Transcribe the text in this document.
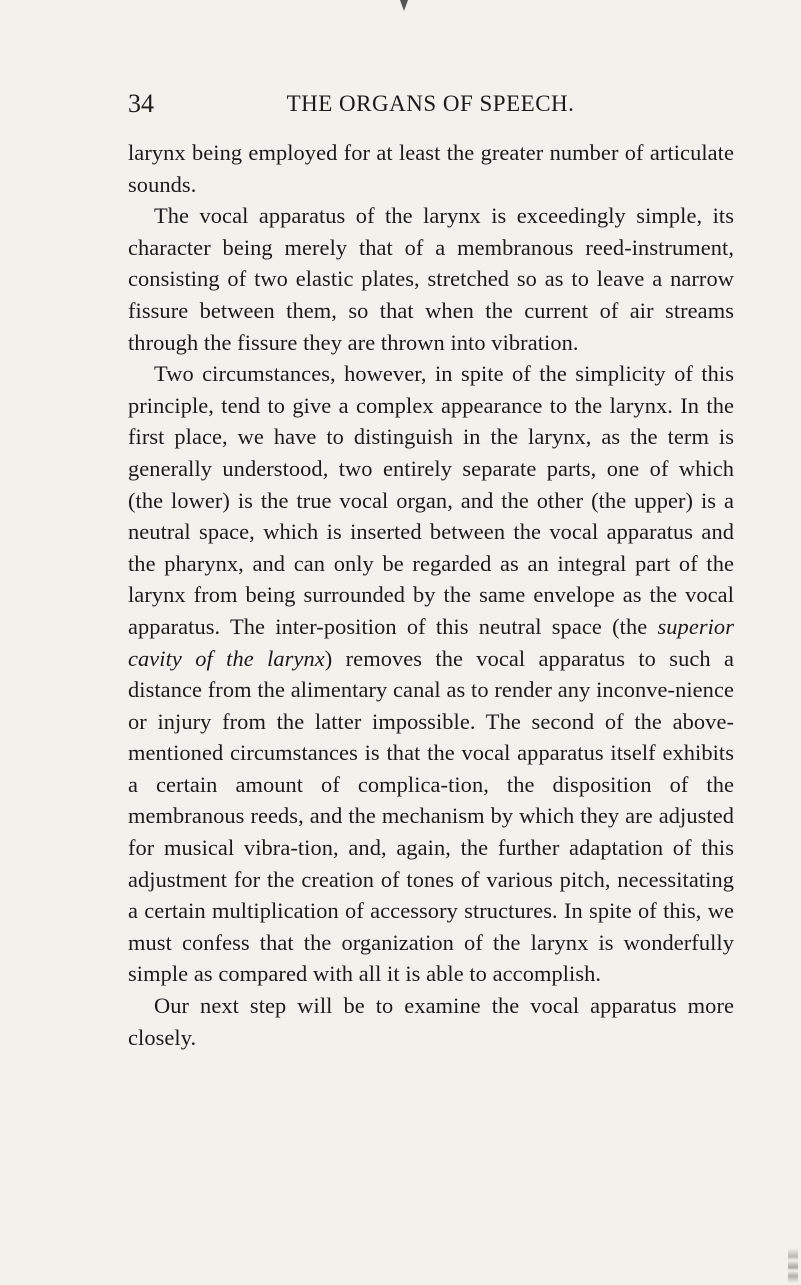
34	THE ORGANS OF SPEECH.

larynx being employed for at least the greater number of articulate sounds.

The vocal apparatus of the larynx is exceedingly simple, its character being merely that of a membranous reed-instrument, consisting of two elastic plates, stretched so as to leave a narrow fissure between them, so that when the current of air streams through the fissure they are thrown into vibration.

Two circumstances, however, in spite of the simplicity of this principle, tend to give a complex appearance to the larynx. In the first place, we have to distinguish in the larynx, as the term is generally understood, two entirely separate parts, one of which (the lower) is the true vocal organ, and the other (the upper) is a neutral space, which is inserted between the vocal apparatus and the pharynx, and can only be regarded as an integral part of the larynx from being surrounded by the same envelope as the vocal apparatus. The inter-position of this neutral space (the superior cavity of the larynx) removes the vocal apparatus to such a distance from the alimentary canal as to render any inconve-nience or injury from the latter impossible. The second of the above-mentioned circumstances is that the vocal apparatus itself exhibits a certain amount of complica-tion, the disposition of the membranous reeds, and the mechanism by which they are adjusted for musical vibra-tion, and, again, the further adaptation of this adjustment for the creation of tones of various pitch, necessitating a certain multiplication of accessory structures. In spite of this, we must confess that the organization of the larynx is wonderfully simple as compared with all it is able to accomplish.

Our next step will be to examine the vocal apparatus more closely.
